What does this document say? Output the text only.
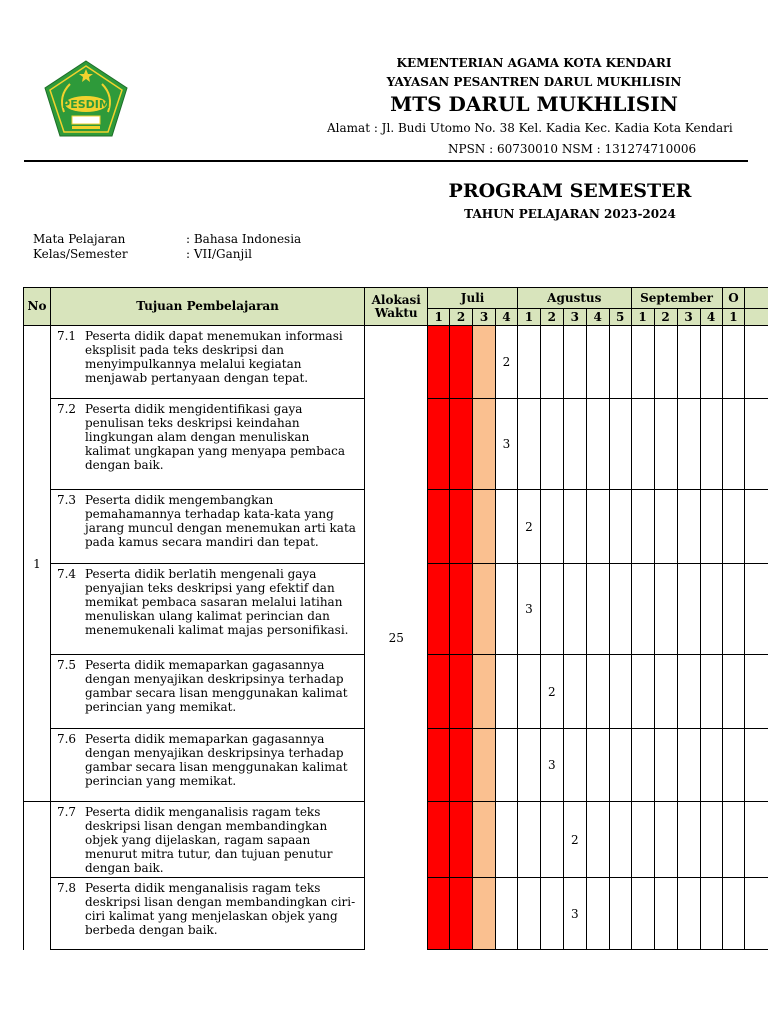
PESDIM
KEMENTERIAN AGAMA KOTA KENDARI
YAYASAN PESANTREN DARUL MUKHLISIN
MTS DARUL MUKHLISIN
Alamat : Jl. Budi Utomo No. 38 Kel. Kadia Kec. Kadia Kota Kendari
NPSN : 60730010 NSM : 131274710006
PROGRAM SEMESTER
TAHUN PELAJARAN 2023-2024
Mata Pelajaran	: Bahasa Indonesia
Kelas/Semester	: VII/Ganjil
No	Tujuan Pembelajaran	Alokasi Waktu	Juli				Agustus					September				O	
			1	2	3	4	1	2	3	4	5	1	2	3	4	1	
1	7.1 Peserta didik dapat menemukan informasi eksplisit pada teks deskripsi dan menyimpulkannya melalui kegiatan menjawab pertanyaan dengan tepat.	25				2											

	7.2 Peserta didik mengidentifikasi gaya penulisan teks deskripsi keindahan lingkungan alam dengan menuliskan kalimat ungkapan yang menyapa pembaca dengan baik.					3											

	7.3 Peserta didik mengembangkan pemahamannya terhadap kata-kata yang jarang muncul dengan menemukan arti kata pada kamus secara mandiri dan tepat.						2										

	7.4 Peserta didik berlatih mengenali gaya penyajian teks deskripsi yang efektif dan memikat pembaca sasaran melalui latihan menuliskan ulang kalimat perincian dan menemukenali kalimat majas personifikasi.						3										

	7.5 Peserta didik memaparkan gagasannya dengan menyajikan deskripsinya terhadap gambar secara lisan menggunakan kalimat perincian yang memikat.							2									

	7.6 Peserta didik memaparkan gagasannya dengan menyajikan deskripsinya terhadap gambar secara lisan menggunakan kalimat perincian yang memikat.							3									

	7.7 Peserta didik menganalisis ragam teks deskripsi lisan dengan membandingkan objek yang dijelaskan, ragam sapaan menurut mitra tutur, dan tujuan penutur dengan baik.								2								

	7.8 Peserta didik menganalisis ragam teks deskripsi lisan dengan membandingkan ciri-ciri kalimat yang menjelaskan objek yang berbeda dengan baik.								3								
